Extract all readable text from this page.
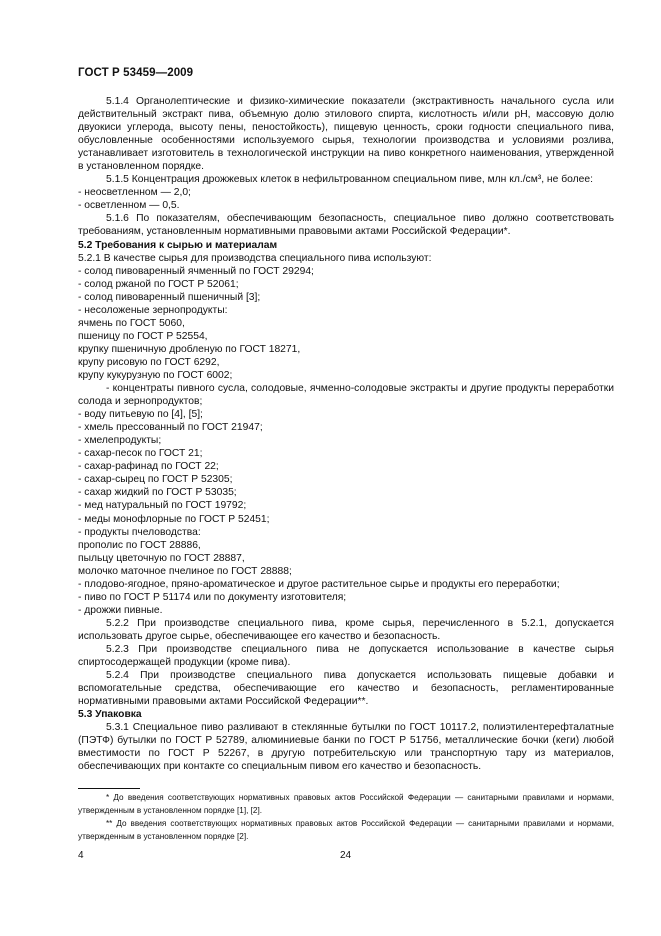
ГОСТ Р 53459—2009

5.1.4 Органолептические и физико-химические показатели (экстрактивность начального сусла или действительный экстракт пива, объемную долю этилового спирта, кислотность и/или pH, массовую долю двуокиси углерода, высоту пены, пеностойкость), пищевую ценность, сроки годности специального пива, обусловленные особенностями используемого сырья, технологии производства и условиями розлива, устанавливает изготовитель в технологической инструкции на пиво конкретного наименования, утвержденной в установленном порядке.

5.1.5 Концентрация дрожжевых клеток в нефильтрованном специальном пиве, млн кл./см³, не более:

- неосветленном — 2,0;

- осветленном — 0,5.

5.1.6 По показателям, обеспечивающим безопасность, специальное пиво должно соответствовать требованиям, установленным нормативными правовыми актами Российской Федерации*.

5.2 Требования к сырью и материалам

5.2.1 В качестве сырья для производства специального пива используют:

- солод пивоваренный ячменный по ГОСТ 29294;

- солод ржаной по ГОСТ Р 52061;

- солод пивоваренный пшеничный [3];

- несоложеные зернопродукты:

ячмень по ГОСТ 5060,

пшеницу по ГОСТ Р 52554,

крупку пшеничную дробленую по ГОСТ 18271,

крупу рисовую по ГОСТ 6292,

крупу кукурузную по ГОСТ 6002;

- концентраты пивного сусла, солодовые, ячменно-солодовые экстракты и другие продукты переработки солода и зернопродуктов;

- воду питьевую по [4], [5];

- хмель прессованный по ГОСТ 21947;

- хмелепродукты;

- сахар-песок по ГОСТ 21;

- сахар-рафинад по ГОСТ 22;

- сахар-сырец по ГОСТ Р 52305;

- сахар жидкий по ГОСТ Р 53035;

- мед натуральный по ГОСТ 19792;

- меды монофлорные по ГОСТ Р 52451;

- продукты пчеловодства:

прополис по ГОСТ 28886,

пыльцу цветочную по ГОСТ 28887,

молочко маточное пчелиное по ГОСТ 28888;

- плодово-ягодное, пряно-ароматическое и другое растительное сырье и продукты его переработки;

- пиво по ГОСТ Р 51174 или по документу изготовителя;

- дрожжи пивные.

5.2.2 При производстве специального пива, кроме сырья, перечисленного в 5.2.1, допускается использовать другое сырье, обеспечивающее его качество и безопасность.

5.2.3 При производстве специального пива не допускается использование в качестве сырья спиртосодержащей продукции (кроме пива).

5.2.4 При производстве специального пива допускается использовать пищевые добавки и вспомогательные средства, обеспечивающие его качество и безопасность, регламентированные нормативными правовыми актами Российской Федерации**.

5.3 Упаковка

5.3.1 Специальное пиво разливают в стеклянные бутылки по ГОСТ 10117.2, полиэтилентерефталатные (ПЭТФ) бутылки по ГОСТ Р 52789, алюминиевые банки по ГОСТ Р 51756, металлические бочки (кеги) любой вместимости по ГОСТ Р 52267, в другую потребительскую или транспортную тару из материалов, обеспечивающих при контакте со специальным пивом его качество и безопасность.

* До введения соответствующих нормативных правовых актов Российской Федерации — санитарными правилами и нормами, утвержденным в установленном порядке [1], [2].

** До введения соответствующих нормативных правовых актов Российской Федерации — санитарными правилами и нормами, утвержденным в установленном порядке [2].

4	24
